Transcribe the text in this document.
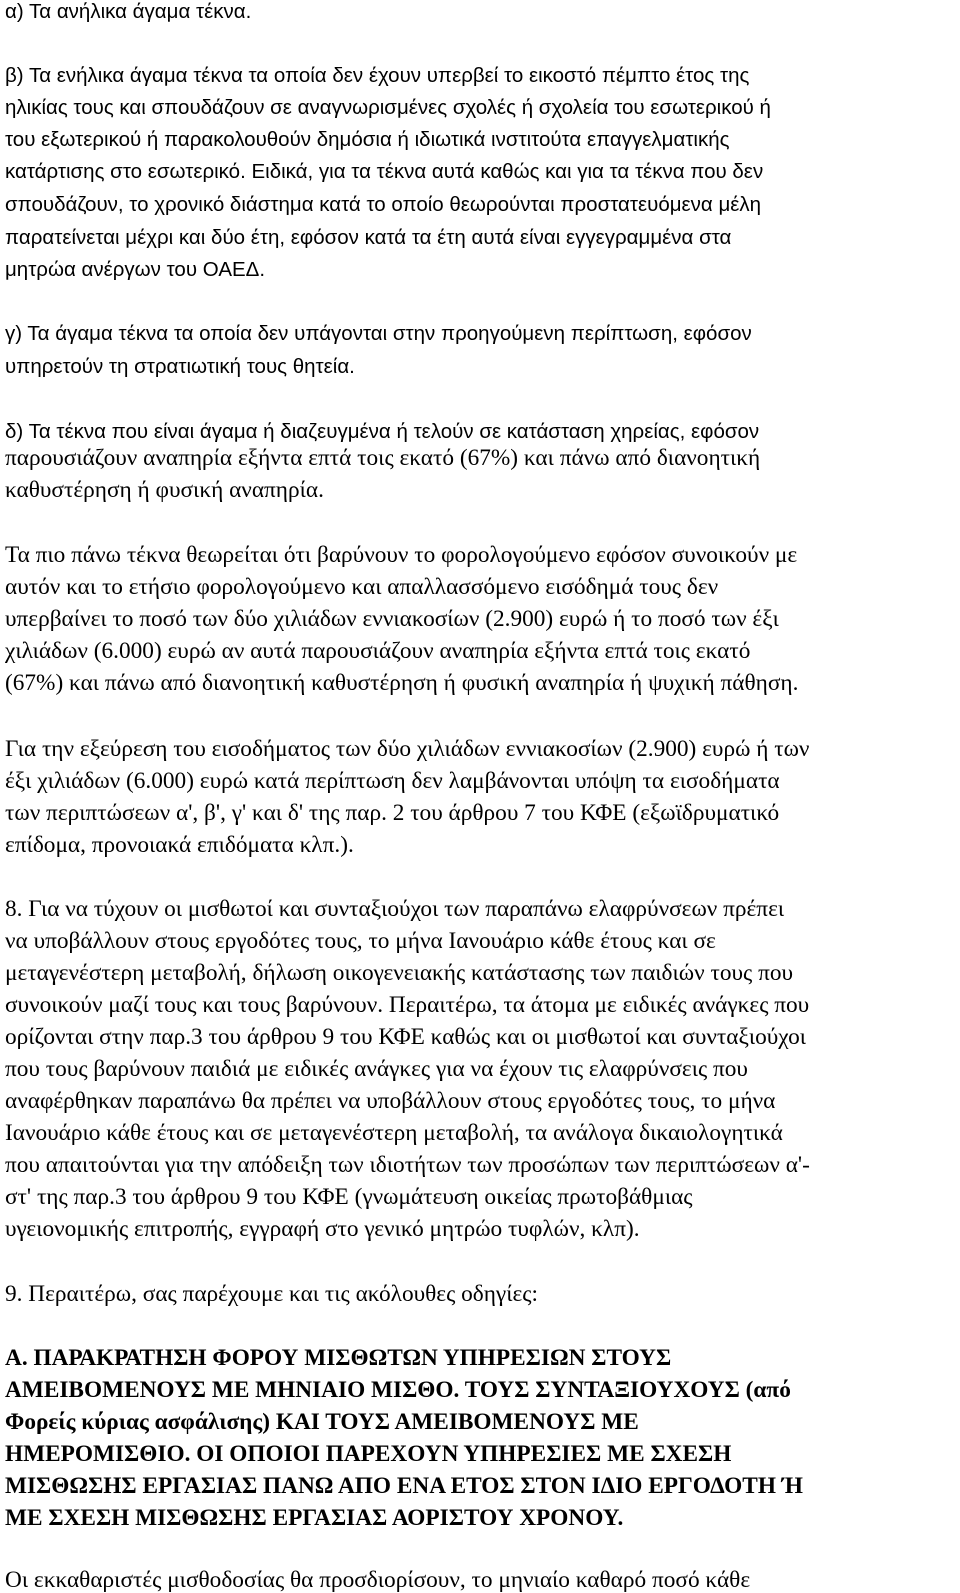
α) Τα ανήλικα άγαμα τέκνα.
β) Τα ενήλικα άγαμα τέκνα τα οποία δεν έχουν υπερβεί το εικοστό πέμπτο έτος της
ηλικίας τους και σπουδάζουν σε αναγνωρισμένες σχολές ή σχολεία του εσωτερικού ή
του εξωτερικού ή παρακολουθούν δημόσια ή ιδιωτικά ινστιτούτα επαγγελματικής
κατάρτισης στο εσωτερικό. Ειδικά, για τα τέκνα αυτά καθώς και για τα τέκνα που δεν
σπουδάζουν, το χρονικό διάστημα κατά το οποίο θεωρούνται προστατευόμενα μέλη
παρατείνεται μέχρι και δύο έτη, εφόσον κατά τα έτη αυτά είναι εγγεγραμμένα στα
μητρώα ανέργων του ΟΑΕΔ.
γ) Τα άγαμα τέκνα τα οποία δεν υπάγονται στην προηγούμενη περίπτωση, εφόσον
υπηρετούν τη στρατιωτική τους θητεία.
δ) Τα τέκνα που είναι άγαμα ή διαζευγμένα ή τελούν σε κατάσταση χηρείας, εφόσον
παρουσιάζουν αναπηρία εξήντα επτά τοις εκατό (67%) και πάνω από διανοητική
καθυστέρηση ή φυσική αναπηρία.
Τα πιο πάνω τέκνα θεωρείται ότι βαρύνουν το φορολογούμενο εφόσον συνοικούν με
αυτόν και το ετήσιο φορολογούμενο και απαλλασσόμενο εισόδημά τους δεν
υπερβαίνει το ποσό των δύο χιλιάδων εννιακοσίων (2.900) ευρώ ή το ποσό των έξι
χιλιάδων (6.000) ευρώ αν αυτά παρουσιάζουν αναπηρία εξήντα επτά τοις εκατό
(67%) και πάνω από διανοητική καθυστέρηση ή φυσική αναπηρία ή ψυχική πάθηση.
Για την εξεύρεση του εισοδήματος των δύο χιλιάδων εννιακοσίων (2.900) ευρώ ή των
έξι χιλιάδων (6.000) ευρώ κατά περίπτωση δεν λαμβάνονται υπόψη τα εισοδήματα
των περιπτώσεων α', β', γ' και δ' της παρ. 2 του άρθρου 7 του ΚΦΕ (εξωϊδρυματικό
επίδομα, προνοιακά επιδόματα κλπ.).
8. Για να τύχουν οι μισθωτοί και συνταξιούχοι των παραπάνω ελαφρύνσεων πρέπει
να υποβάλλουν στους εργοδότες τους, το μήνα Ιανουάριο κάθε έτους και σε
μεταγενέστερη μεταβολή, δήλωση οικογενειακής κατάστασης των παιδιών τους που
συνοικούν μαζί τους και τους βαρύνουν. Περαιτέρω, τα άτομα με ειδικές ανάγκες που
ορίζονται στην παρ.3 του άρθρου 9 του ΚΦΕ καθώς και οι μισθωτοί και συνταξιούχοι
που τους βαρύνουν παιδιά με ειδικές ανάγκες για να έχουν τις ελαφρύνσεις που
αναφέρθηκαν παραπάνω θα πρέπει να υποβάλλουν στους εργοδότες τους, το μήνα
Ιανουάριο κάθε έτους και σε μεταγενέστερη μεταβολή, τα ανάλογα δικαιολογητικά
που απαιτούνται για την απόδειξη των ιδιοτήτων των προσώπων των περιπτώσεων α'-
στ' της παρ.3 του άρθρου 9 του ΚΦΕ (γνωμάτευση οικείας πρωτοβάθμιας
υγειονομικής επιτροπής, εγγραφή στο γενικό μητρώο τυφλών, κλπ).
9. Περαιτέρω, σας παρέχουμε και τις ακόλουθες οδηγίες:
Α. ΠΑΡΑΚΡΑΤΗΣΗ ΦΟΡΟΥ ΜΙΣΘΩΤΩΝ ΥΠΗΡΕΣΙΩΝ ΣΤΟΥΣ
ΑΜΕΙΒΟΜΕΝΟΥΣ ΜΕ ΜΗΝΙΑΙΟ ΜΙΣΘΟ. ΤΟΥΣ ΣΥΝΤΑΞΙΟΥΧΟΥΣ (από
Φορείς κύριας ασφάλισης) ΚΑΙ ΤΟΥΣ ΑΜΕΙΒΟΜΕΝΟΥΣ ΜΕ
ΗΜΕΡΟΜΙΣΘΙΟ. ΟΙ ΟΠΟΙΟΙ ΠΑΡΕΧΟΥΝ ΥΠΗΡΕΣΙΕΣ ΜΕ ΣΧΕΣΗ
ΜΙΣΘΩΣΗΣ ΕΡΓΑΣΙΑΣ ΠΑΝΩ ΑΠΟ ΕΝΑ ΕΤΟΣ ΣΤΟΝ ΙΔΙΟ ΕΡΓΟΔΟΤΗ Ή
ΜΕ ΣΧΕΣΗ ΜΙΣΘΩΣΗΣ ΕΡΓΑΣΙΑΣ ΑΟΡΙΣΤΟΥ ΧΡΟΝΟΥ.
Οι εκκαθαριστές μισθοδοσίας θα προσδιορίσουν, το μηνιαίο καθαρό ποσό κάθε
